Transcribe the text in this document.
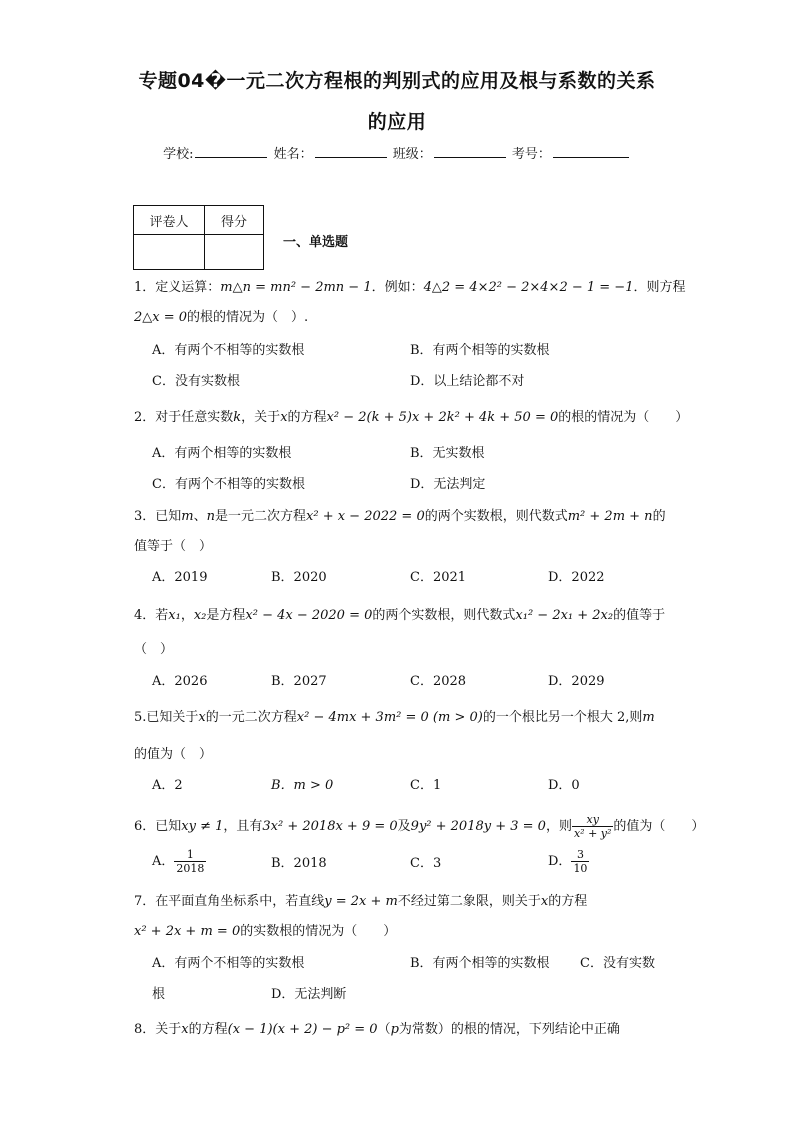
专题04�一元二次方程根的判别式的应用及根与系数的关系
的应用
学校:	姓名：	班级：	考号：
评卷人	得分

一、单选题
1．定义运算：m△n = mn² − 2mn − 1．例如：4△2 = 4×2² − 2×4×2 − 1 = −1．则方程
2△x = 0的根的情况为（　）.
A．有两个不相等的实数根	B．有两个相等的实数根
C．没有实数根	D．以上结论都不对
2．对于任意实数k，关于x的方程x² − 2(k + 5)x + 2k² + 4k + 50 = 0的根的情况为（　　）
A．有两个相等的实数根	B．无实数根
C．有两个不相等的实数根	D．无法判定
3．已知m、n是一元二次方程x² + x − 2022 = 0的两个实数根，则代数式m² + 2m + n的
值等于（　）
A．2019	B．2020	C．2021	D．2022
4．若x₁，x₂是方程x² − 4x − 2020 = 0的两个实数根，则代数式x₁² − 2x₁ + 2x₂的值等于
（　）
A．2026	B．2027	C．2028	D．2029
5.已知关于x的一元二次方程x² − 4mx + 3m² = 0 (m > 0)的一个根比另一个根大 2,则m
的值为（　）
A．2	B．m > 0	C．1	D．0
6．已知xy ≠ 1，且有3x² + 2018x + 9 = 0及9y² + 2018y + 3 = 0，则 $\frac{xy}{\text{x² + y²}}$ 的值为（　　）
A． $\frac{1}{2018}$	B．2018	C．3	D． $\frac{3}{10}$
7．在平面直角坐标系中，若直线y = 2x + m不经过第二象限，则关于x的方程
x² + 2x + m = 0的实数根的情况为（　　）
A．有两个不相等的实数根	B．有两个相等的实数根 C．没有实数
根	D．无法判断
8．关于x的方程(x − 1)(x + 2) − p² = 0（p为常数）的根的情况，下列结论中正确
